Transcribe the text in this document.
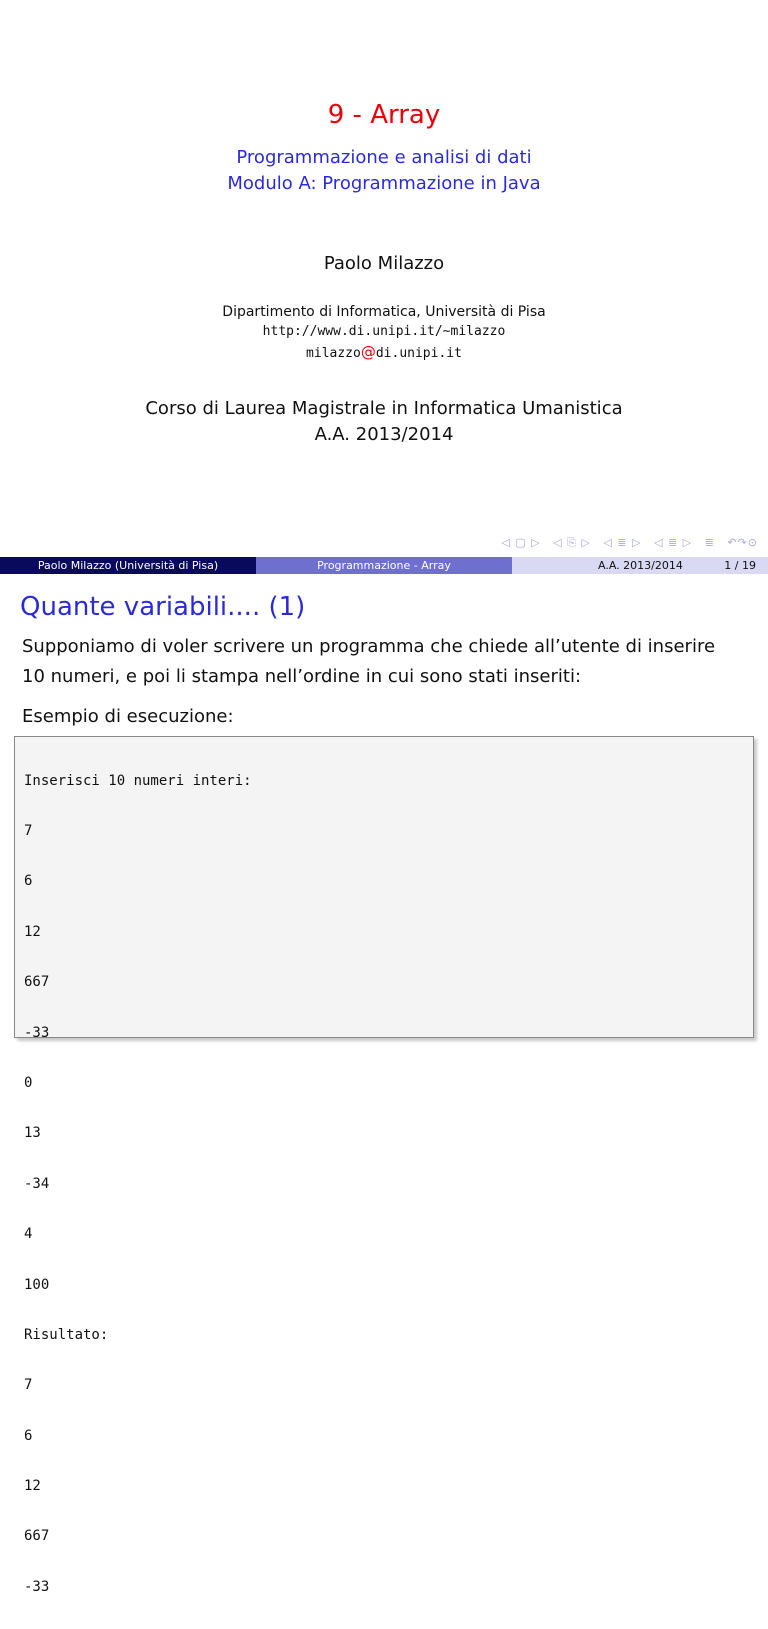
9 - Array
Programmazione e analisi di dati
Modulo A: Programmazione in Java
Paolo Milazzo
Dipartimento di Informatica, Università di Pisa
http://www.di.unipi.it/∼milazzo
milazzo@di.unipi.it
Corso di Laurea Magistrale in Informatica Umanistica
A.A. 2013/2014
◁ ▢ ▷ ◁ ⎘ ▷ ◁ ≣ ▷ ◁ ≣ ▷ ≣ ↶↷⊙
Paolo Milazzo (Università di Pisa)	Programmazione - Array	A.A. 2013/2014	1 / 19
Quante variabili.... (1)
Supponiamo di voler scrivere un programma che chiede all’utente di inserire 10 numeri, e poi li stampa nell’ordine in cui sono stati inseriti:
Esempio di esecuzione:

Inserisci 10 numeri interi:

7

6

12

667

-33

0

13

-34

4

100

Risultato:

7

6

12

667

-33
